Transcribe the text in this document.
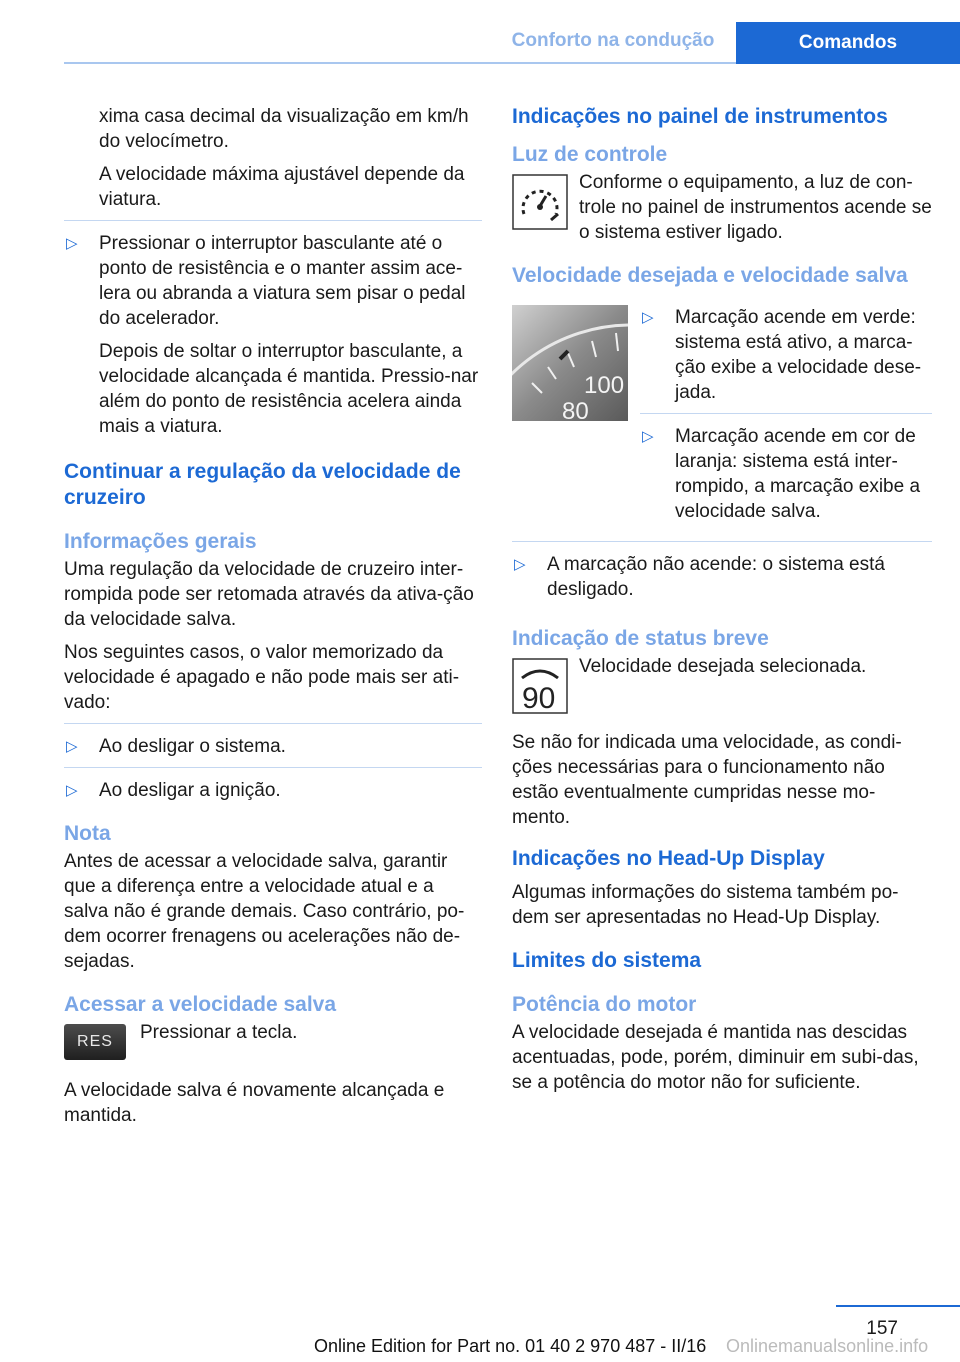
Conforto na condução	Comandos

xima casa decimal da visualização em km/h do velocímetro.

A velocidade máxima ajustável depende da viatura.

▷ Pressionar o interruptor basculante até o ponto de resistência e o manter assim ace-lera ou abranda a viatura sem pisar o pedal do acelerador.

Depois de soltar o interruptor basculante, a velocidade alcançada é mantida. Pressio-nar além do ponto de resistência acelera ainda mais a viatura.

Continuar a regulação da velocidade de cruzeiro
Informações gerais

Uma regulação da velocidade de cruzeiro inter-rompida pode ser retomada através da ativa-ção da velocidade salva.

Nos seguintes casos, o valor memorizado da velocidade é apagado e não pode mais ser ati-vado:

▷ Ao desligar o sistema.
▷ Ao desligar a ignição.
Nota

Antes de acessar a velocidade salva, garantir que a diferença entre a velocidade atual e a salva não é grande demais. Caso contrário, po-dem ocorrer frenagens ou acelerações não de-sejadas.

Acessar a velocidade salva
RES	Pressionar a tecla.

A velocidade salva é novamente alcançada e mantida.

Indicações no painel de instrumentos
Luz de controle
Conforme o equipamento, a luz de con-trole no painel de instrumentos acende se o sistema estiver ligado.
Velocidade desejada e velocidade salva
100
80
▷ Marcação acende em verde: sistema está ativo, a marca-ção exibe a velocidade dese-jada.
▷ Marcação acende em cor de laranja: sistema está inter-rompido, a marcação exibe a velocidade salva.
▷ A marcação não acende: o sistema está desligado.
Indicação de status breve
90
Velocidade desejada selecionada.

Se não for indicada uma velocidade, as condi-ções necessárias para o funcionamento não estão eventualmente cumpridas nesse mo-mento.

Indicações no Head-Up Display

Algumas informações do sistema também po-dem ser apresentadas no Head-Up Display.

Limites do sistema
Potência do motor

A velocidade desejada é mantida nas descidas acentuadas, pode, porém, diminuir em subi-das, se a potência do motor não for suficiente.

157
Online Edition for Part no. 01 40 2 970 487 - II/16 Onlinemanualsonline.info
